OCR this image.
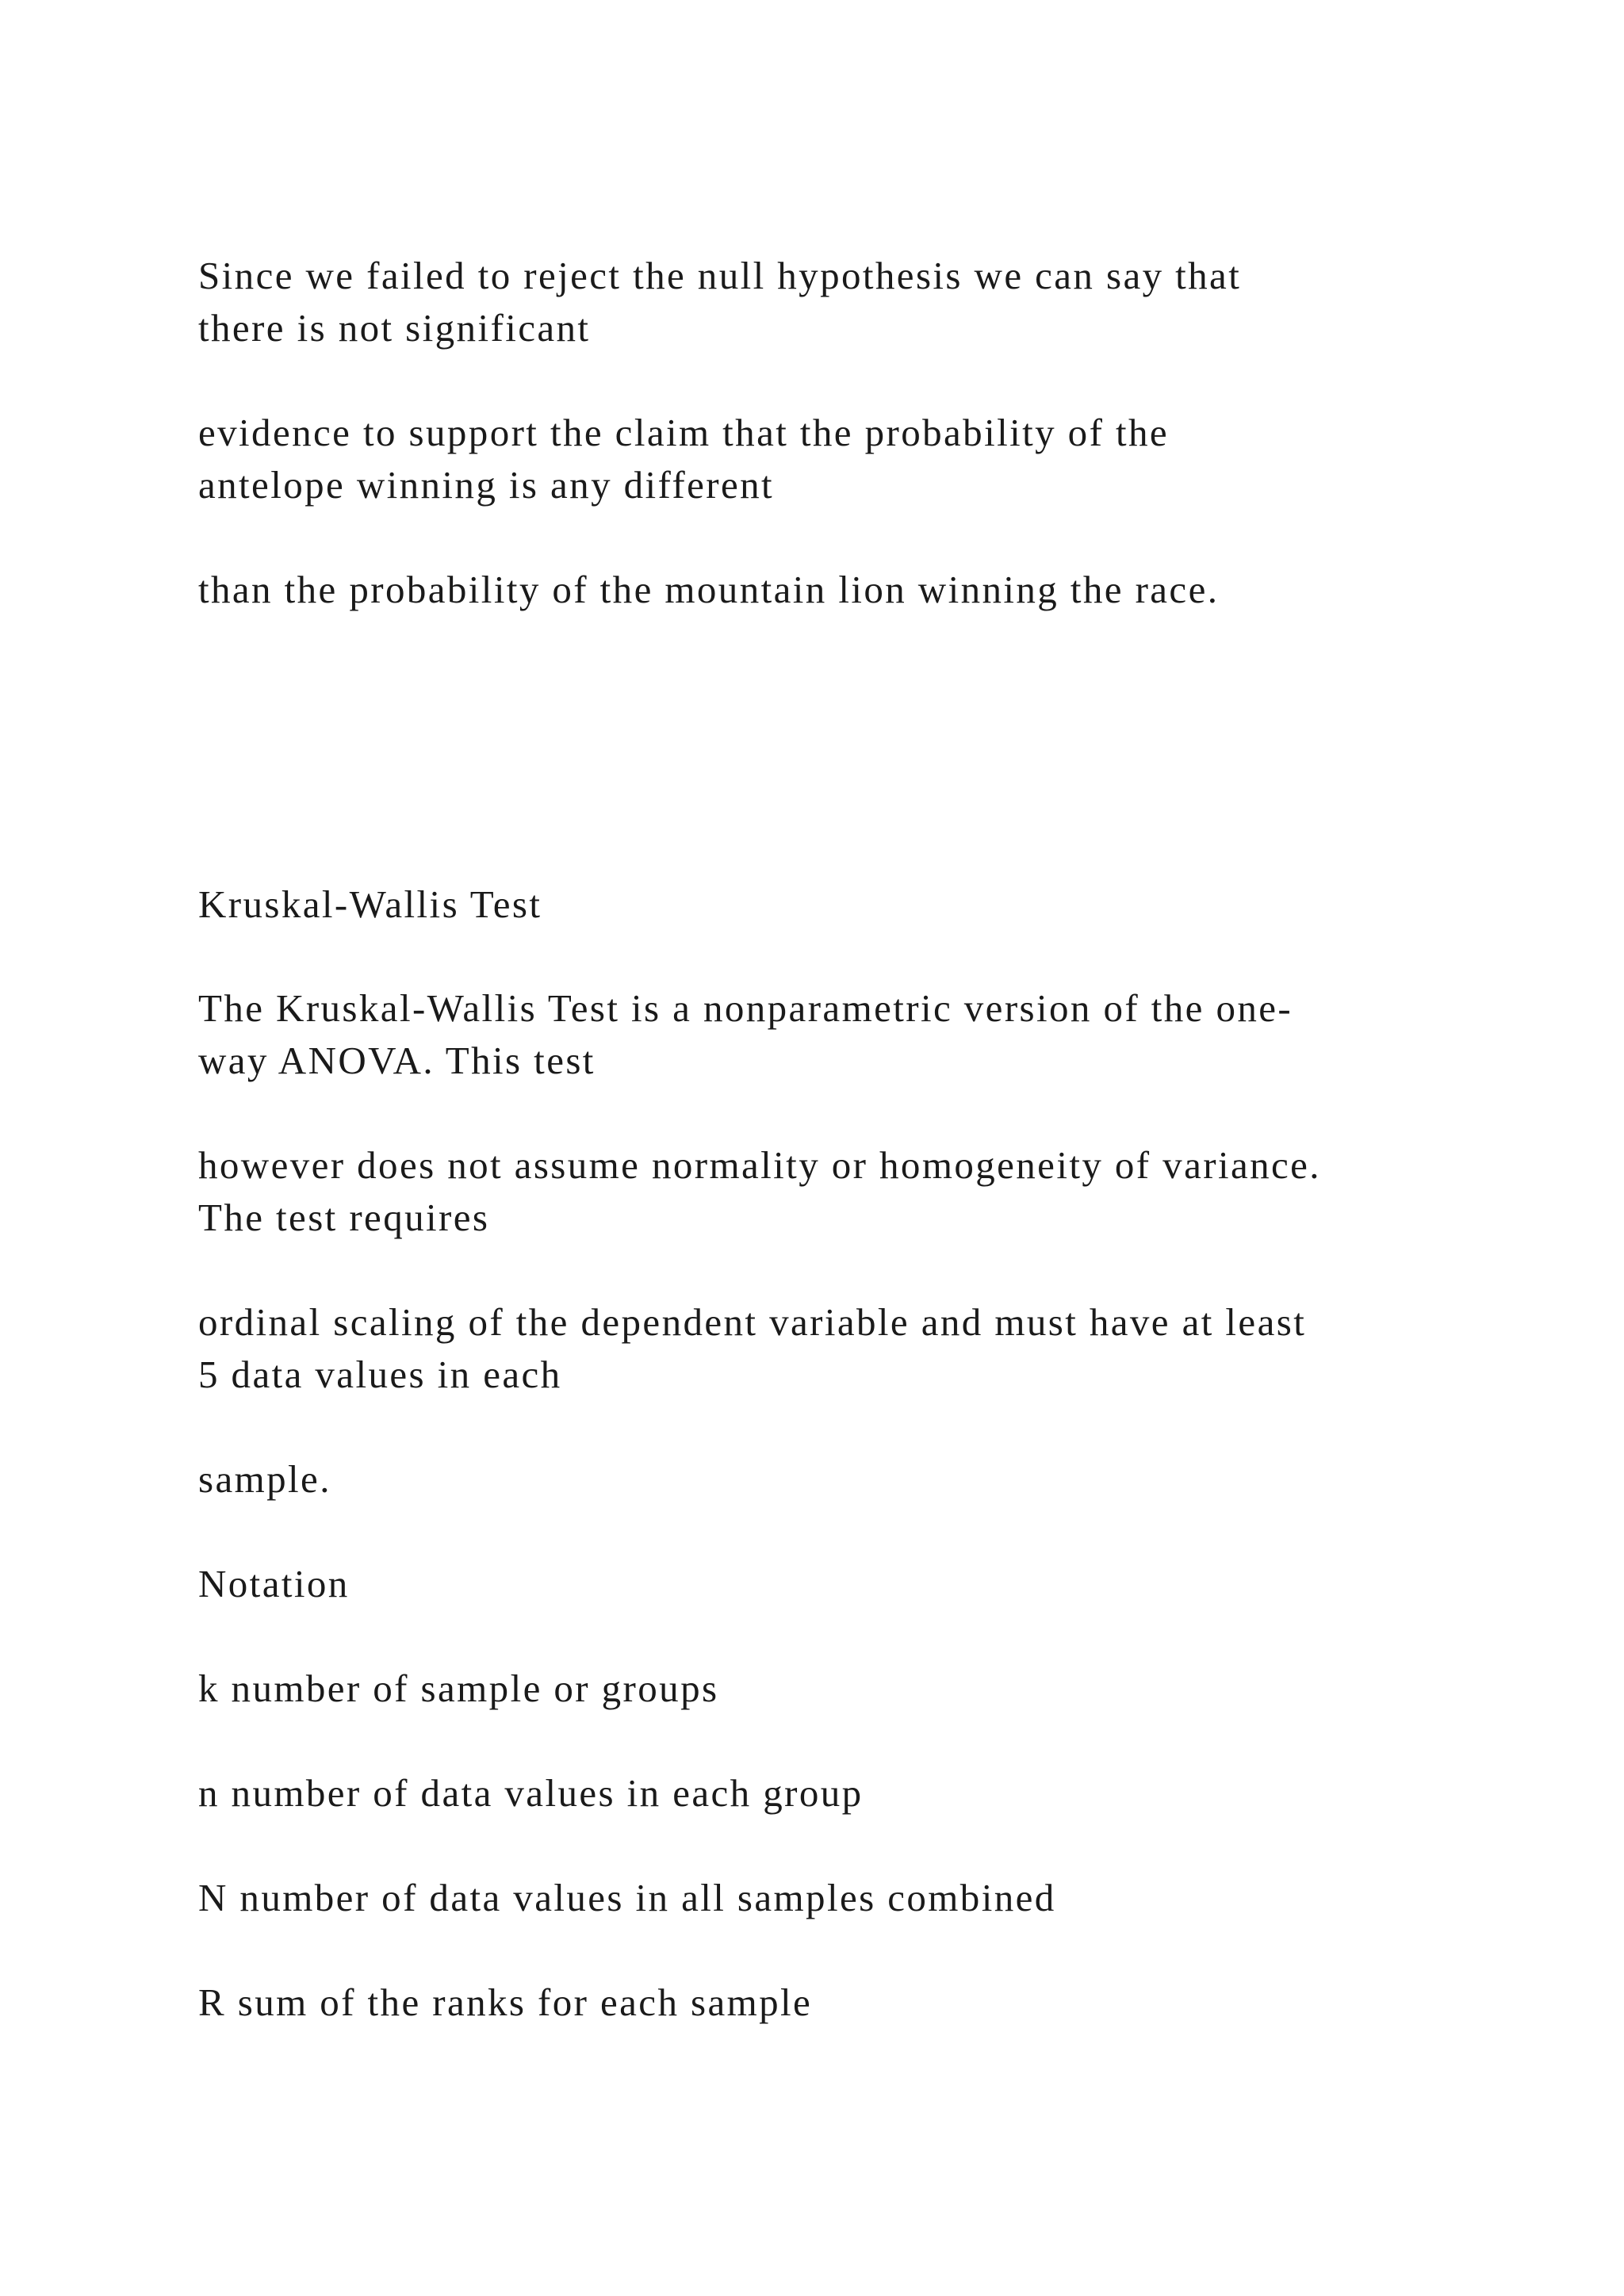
Since we failed to reject the null hypothesis we can say that

there is not significant

evidence to support the claim that the probability of the

antelope winning is any different

than the probability of the mountain lion winning the race.

Kruskal-Wallis Test

The Kruskal-Wallis Test is a nonparametric version of the one-

way ANOVA. This test

however does not assume normality or homogeneity of variance.

The test requires

ordinal scaling of the dependent variable and must have at least

5 data values in each

sample.

Notation

k number of sample or groups

n number of data values in each group

N number of data values in all samples combined

R sum of the ranks for each sample
